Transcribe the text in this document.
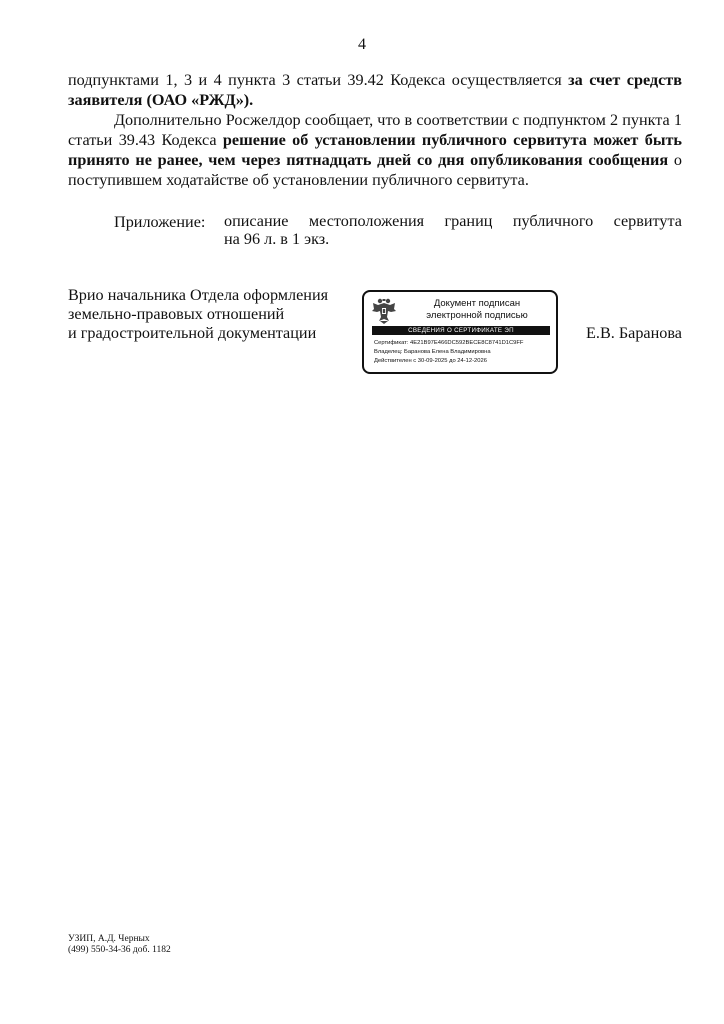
4
подпунктами 1, 3 и 4 пункта 3 статьи 39.42 Кодекса осуществляется за счет средств заявителя (ОАО «РЖД»).
Дополнительно Росжелдор сообщает, что в соответствии с подпунктом 2 пункта 1 статьи 39.43 Кодекса решение об установлении публичного сервитута может быть принято не ранее, чем через пятнадцать дней со дня опубликования сообщения о поступившем ходатайстве об установлении публичного сервитута.
Приложение: описание местоположения границ публичного сервитута
на 96 л. в 1 экз.
Врио начальника Отдела оформления
земельно-правовых отношений
и градостроительной документации
Документ подписан
электронной подписью
СВЕДЕНИЯ О СЕРТИФИКАТЕ ЭП
Сертификат: 4E21B97E466DC592BECE8C8741D1C9FF
Владелец: Баранова Елена Владимировна
Действителен с 30-09-2025 до 24-12-2026
Е.В. Баранова
УЗИП, А.Д. Черных
(499) 550-34-36 доб. 1182
